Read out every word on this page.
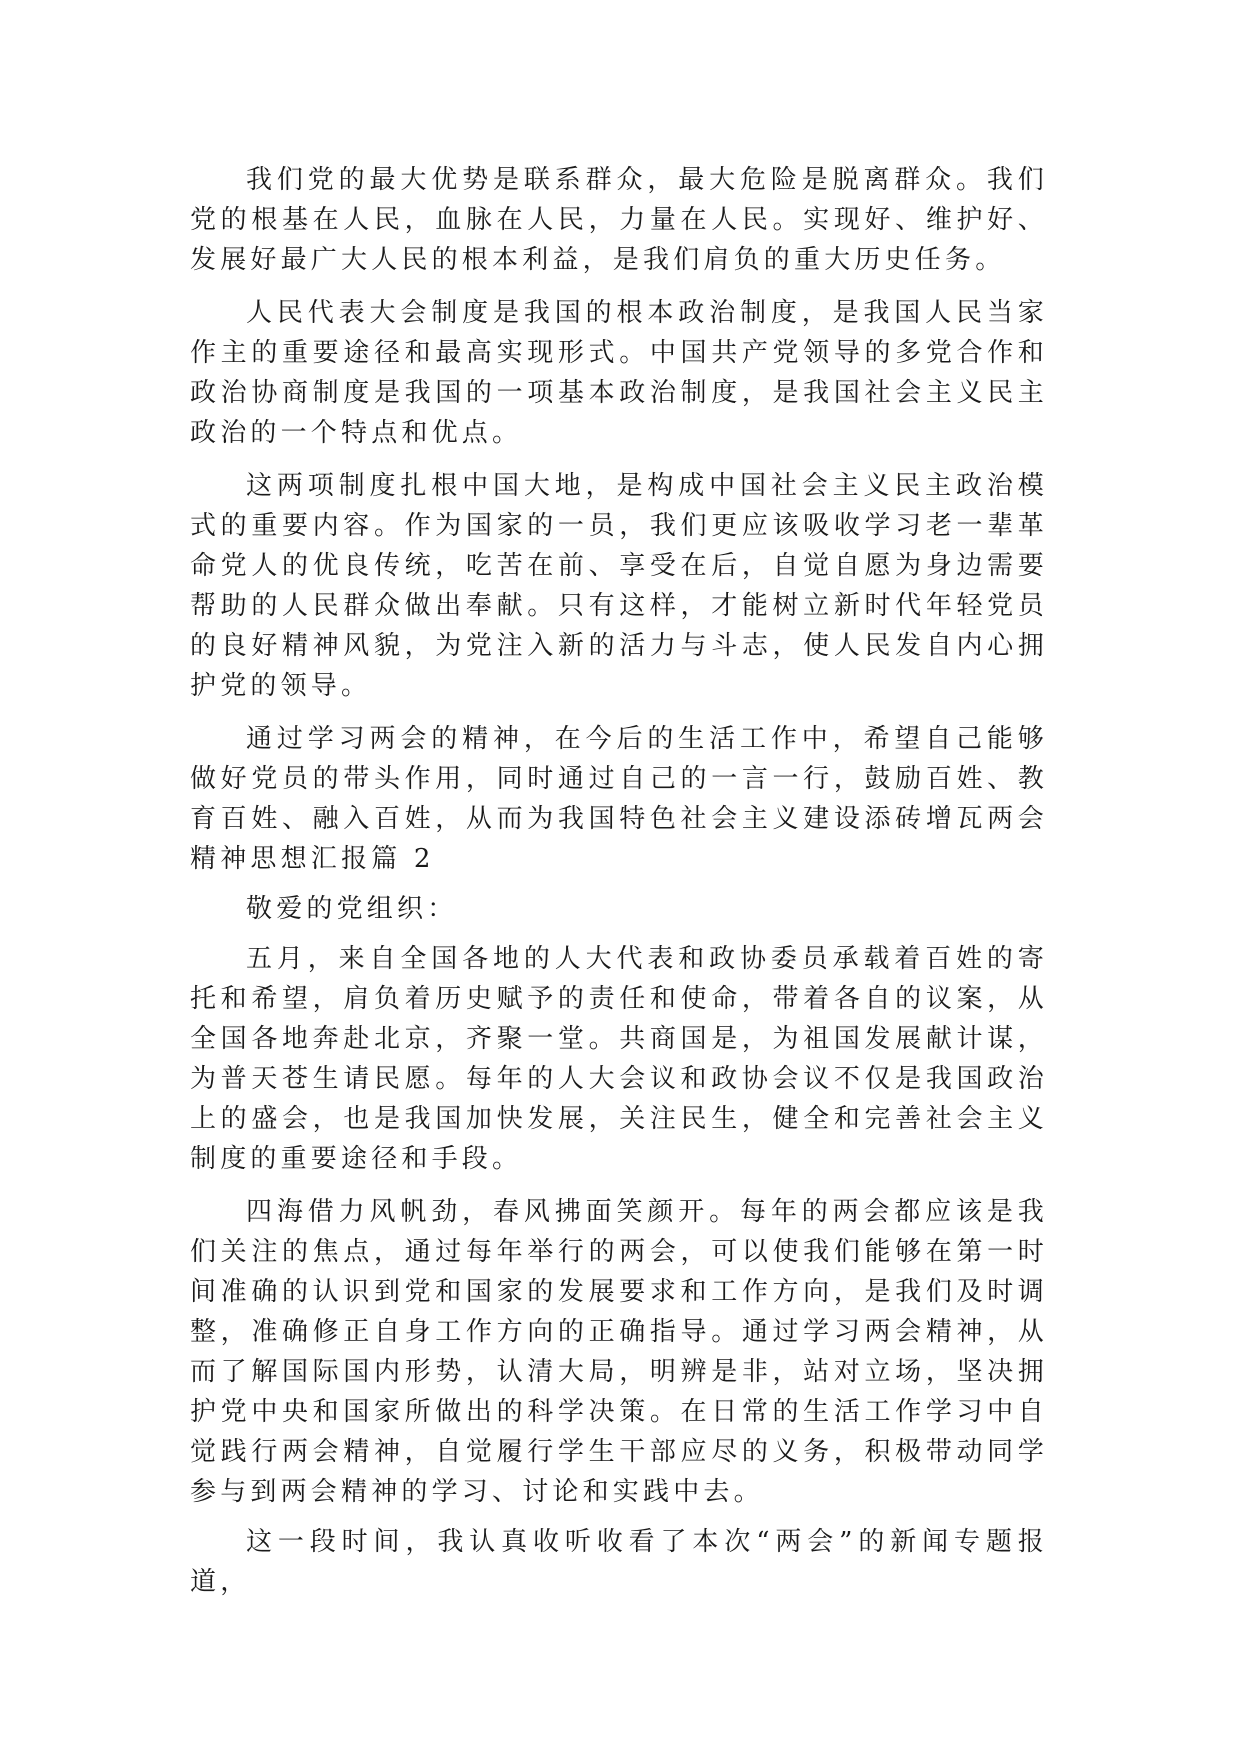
我们党的最大优势是联系群众，最大危险是脱离群众。我们党的根基在人民，血脉在人民，力量在人民。实现好、维护好、发展好最广大人民的根本利益，是我们肩负的重大历史任务。

人民代表大会制度是我国的根本政治制度，是我国人民当家作主的重要途径和最高实现形式。中国共产党领导的多党合作和政治协商制度是我国的一项基本政治制度，是我国社会主义民主政治的一个特点和优点。

这两项制度扎根中国大地，是构成中国社会主义民主政治模式的重要内容。作为国家的一员，我们更应该吸收学习老一辈革命党人的优良传统，吃苦在前、享受在后，自觉自愿为身边需要帮助的人民群众做出奉献。只有这样，才能树立新时代年轻党员的良好精神风貌，为党注入新的活力与斗志，使人民发自内心拥护党的领导。

通过学习两会的精神，在今后的生活工作中，希望自己能够做好党员的带头作用，同时通过自己的一言一行，鼓励百姓、教育百姓、融入百姓，从而为我国特色社会主义建设添砖增瓦两会精神思想汇报篇 2

敬爱的党组织：

五月，来自全国各地的人大代表和政协委员承载着百姓的寄托和希望，肩负着历史赋予的责任和使命，带着各自的议案，从全国各地奔赴北京，齐聚一堂。共商国是，为祖国发展献计谋，为普天苍生请民愿。每年的人大会议和政协会议不仅是我国政治上的盛会，也是我国加快发展，关注民生，健全和完善社会主义制度的重要途径和手段。

四海借力风帆劲，春风拂面笑颜开。每年的两会都应该是我们关注的焦点，通过每年举行的两会，可以使我们能够在第一时间准确的认识到党和国家的发展要求和工作方向，是我们及时调整，准确修正自身工作方向的正确指导。通过学习两会精神，从而了解国际国内形势，认清大局，明辨是非，站对立场，坚决拥护党中央和国家所做出的科学决策。在日常的生活工作学习中自觉践行两会精神，自觉履行学生干部应尽的义务，积极带动同学参与到两会精神的学习、讨论和实践中去。

这一段时间，我认真收听收看了本次“两会”的新闻专题报道，
